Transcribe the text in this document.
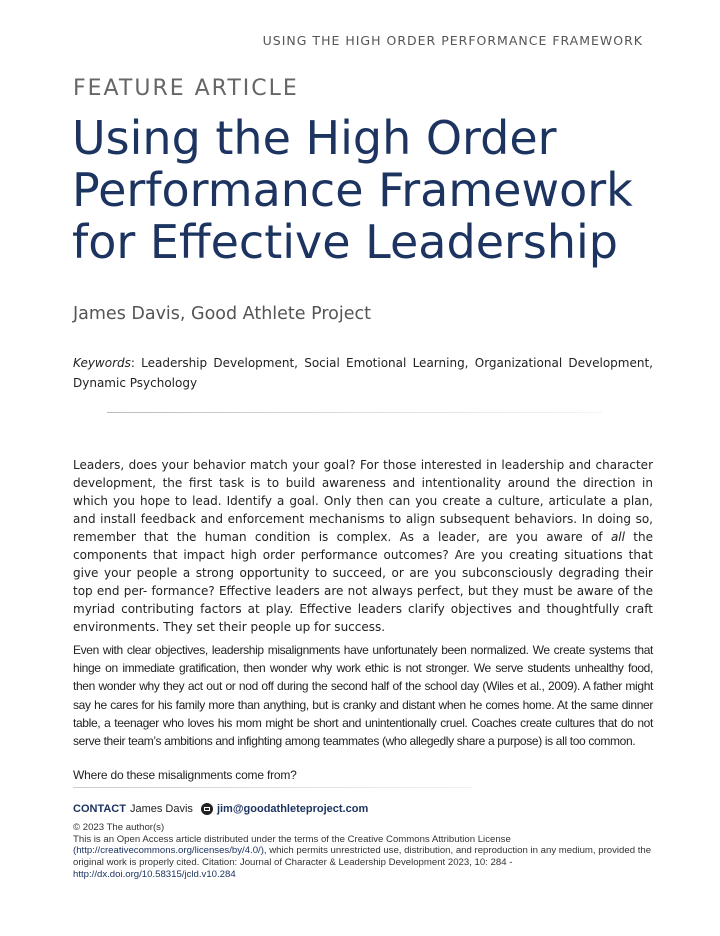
USING THE HIGH ORDER PERFORMANCE FRAMEWORK
FEATURE ARTICLE
Using the High Order Performance Framework for Effective Leadership
James Davis, Good Athlete Project
Keywords: Leadership Development, Social Emotional Learning, Organizational Development, Dynamic Psychology

Leaders, does your behavior match your goal? For those interested in leadership and character development, the first task is to build awareness and intentionality around the direction in which you hope to lead. Identify a goal. Only then can you create a culture, articulate a plan, and install feedback and enforcement mechanisms to align subsequent behaviors. In doing so, remember that the human condition is complex. As a leader, are you aware of all the components that impact high order performance outcomes? Are you creating situations that give your people a strong opportunity to succeed, or are you subconsciously degrading their top end per- formance? Effective leaders are not always perfect, but they must be aware of the myriad contributing factors at play. Effective leaders clarify objectives and thoughtfully craft environments. They set their people up for success.

Even with clear objectives, leadership misalignments have unfortunately been normalized. We create systems that hinge on immediate gratification, then wonder why work ethic is not stronger. We serve students unhealthy food, then wonder why they act out or nod off during the second half of the school day (Wiles et al., 2009). A father might say he cares for his family more than anything, but is cranky and distant when he comes home. At the same dinner table, a teenager who loves his mom might be short and unintentionally cruel. Coaches create cultures that do not serve their team’s ambitions and infighting among teammates (who allegedly share a purpose) is all too common.

Where do these misalignments come from?

CONTACT James Davis jim@goodathleteproject.com
© 2023 The author(s)
This is an Open Access article distributed under the terms of the Creative Commons Attribution License (http://creativecommons.org/licenses/by/4.0/), which permits unrestricted use, distribution, and reproduction in any medium, provided the original work is properly cited. Citation: Journal of Character & Leadership Development 2023, 10: 284 - http://dx.doi.org/10.58315/jcld.v10.284
